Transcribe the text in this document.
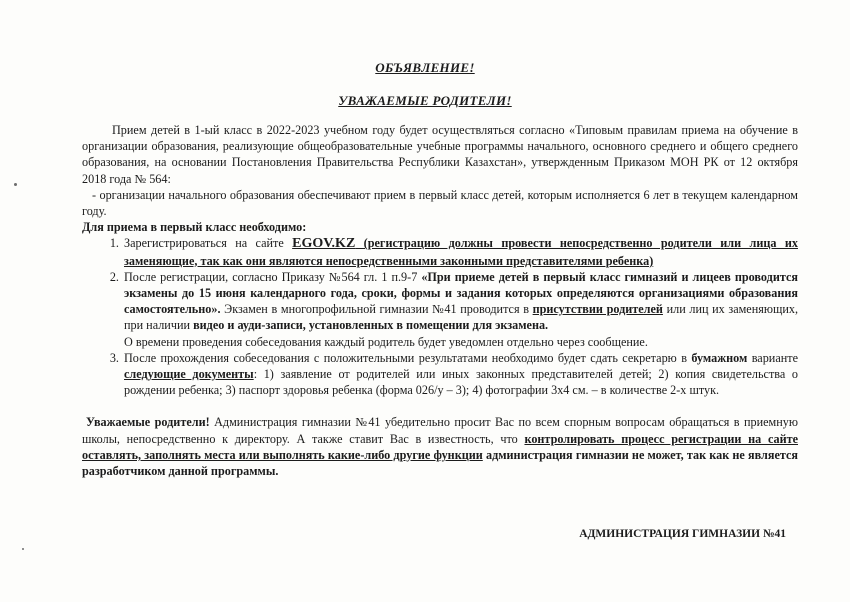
ОБЪЯВЛЕНИЕ!
УВАЖАЕМЫЕ РОДИТЕЛИ!

Прием детей в 1-ый класс в 2022-2023 учебном году будет осуществляться согласно «Типовым правилам приема на обучение в организации образования, реализующие общеобразовательные учебные программы начального, основного среднего и общего среднего образования, на основании Постановления Правительства Республики Казахстан», утвержденным Приказом МОН РК от 12 октября 2018 года № 564:

- организации начального образования обеспечивают прием в первый класс детей, которым исполняется 6 лет в текущем календарном году.

Для приема в первый класс необходимо:

1. Зарегистрироваться на сайте EGOV.KZ (регистрацию должны провести непосредственно родители или лица их заменяющие, так как они являются непосредственными законными представителями ребенка)
2. После регистрации, согласно Приказу №564 гл. 1 п.9-7 «При приеме детей в первый класс гимназий и лицеев проводится экзамены до 15 июня календарного года, сроки, формы и задания которых определяются организациями образования самостоятельно». Экзамен в многопрофильной гимназии №41 проводится в присутствии родителей или лиц их заменяющих, при наличии видео и ауди-записи, установленных в помещении для экзамена.
О времени проведения собеседования каждый родитель будет уведомлен отдельно через сообщение.
3. После прохождения собеседования с положительными результатами необходимо будет сдать секретарю в бумажном варианте следующие документы: 1) заявление от родителей или иных законных представителей детей; 2) копия свидетельства о рождении ребенка; 3) паспорт здоровья ребенка (форма 026/у – 3); 4) фотографии 3х4 см. – в количестве 2-х штук.

Уважаемые родители! Администрация гимназии №41 убедительно просит Вас по всем спорным вопросам обращаться в приемную школы, непосредственно к директору. А также ставит Вас в известность, что контролировать процесс регистрации на сайте оставлять, заполнять места или выполнять какие-либо другие функции администрация гимназии не может, так как не является разработчиком данной программы.

АДМИНИСТРАЦИЯ ГИМНАЗИИ №41
